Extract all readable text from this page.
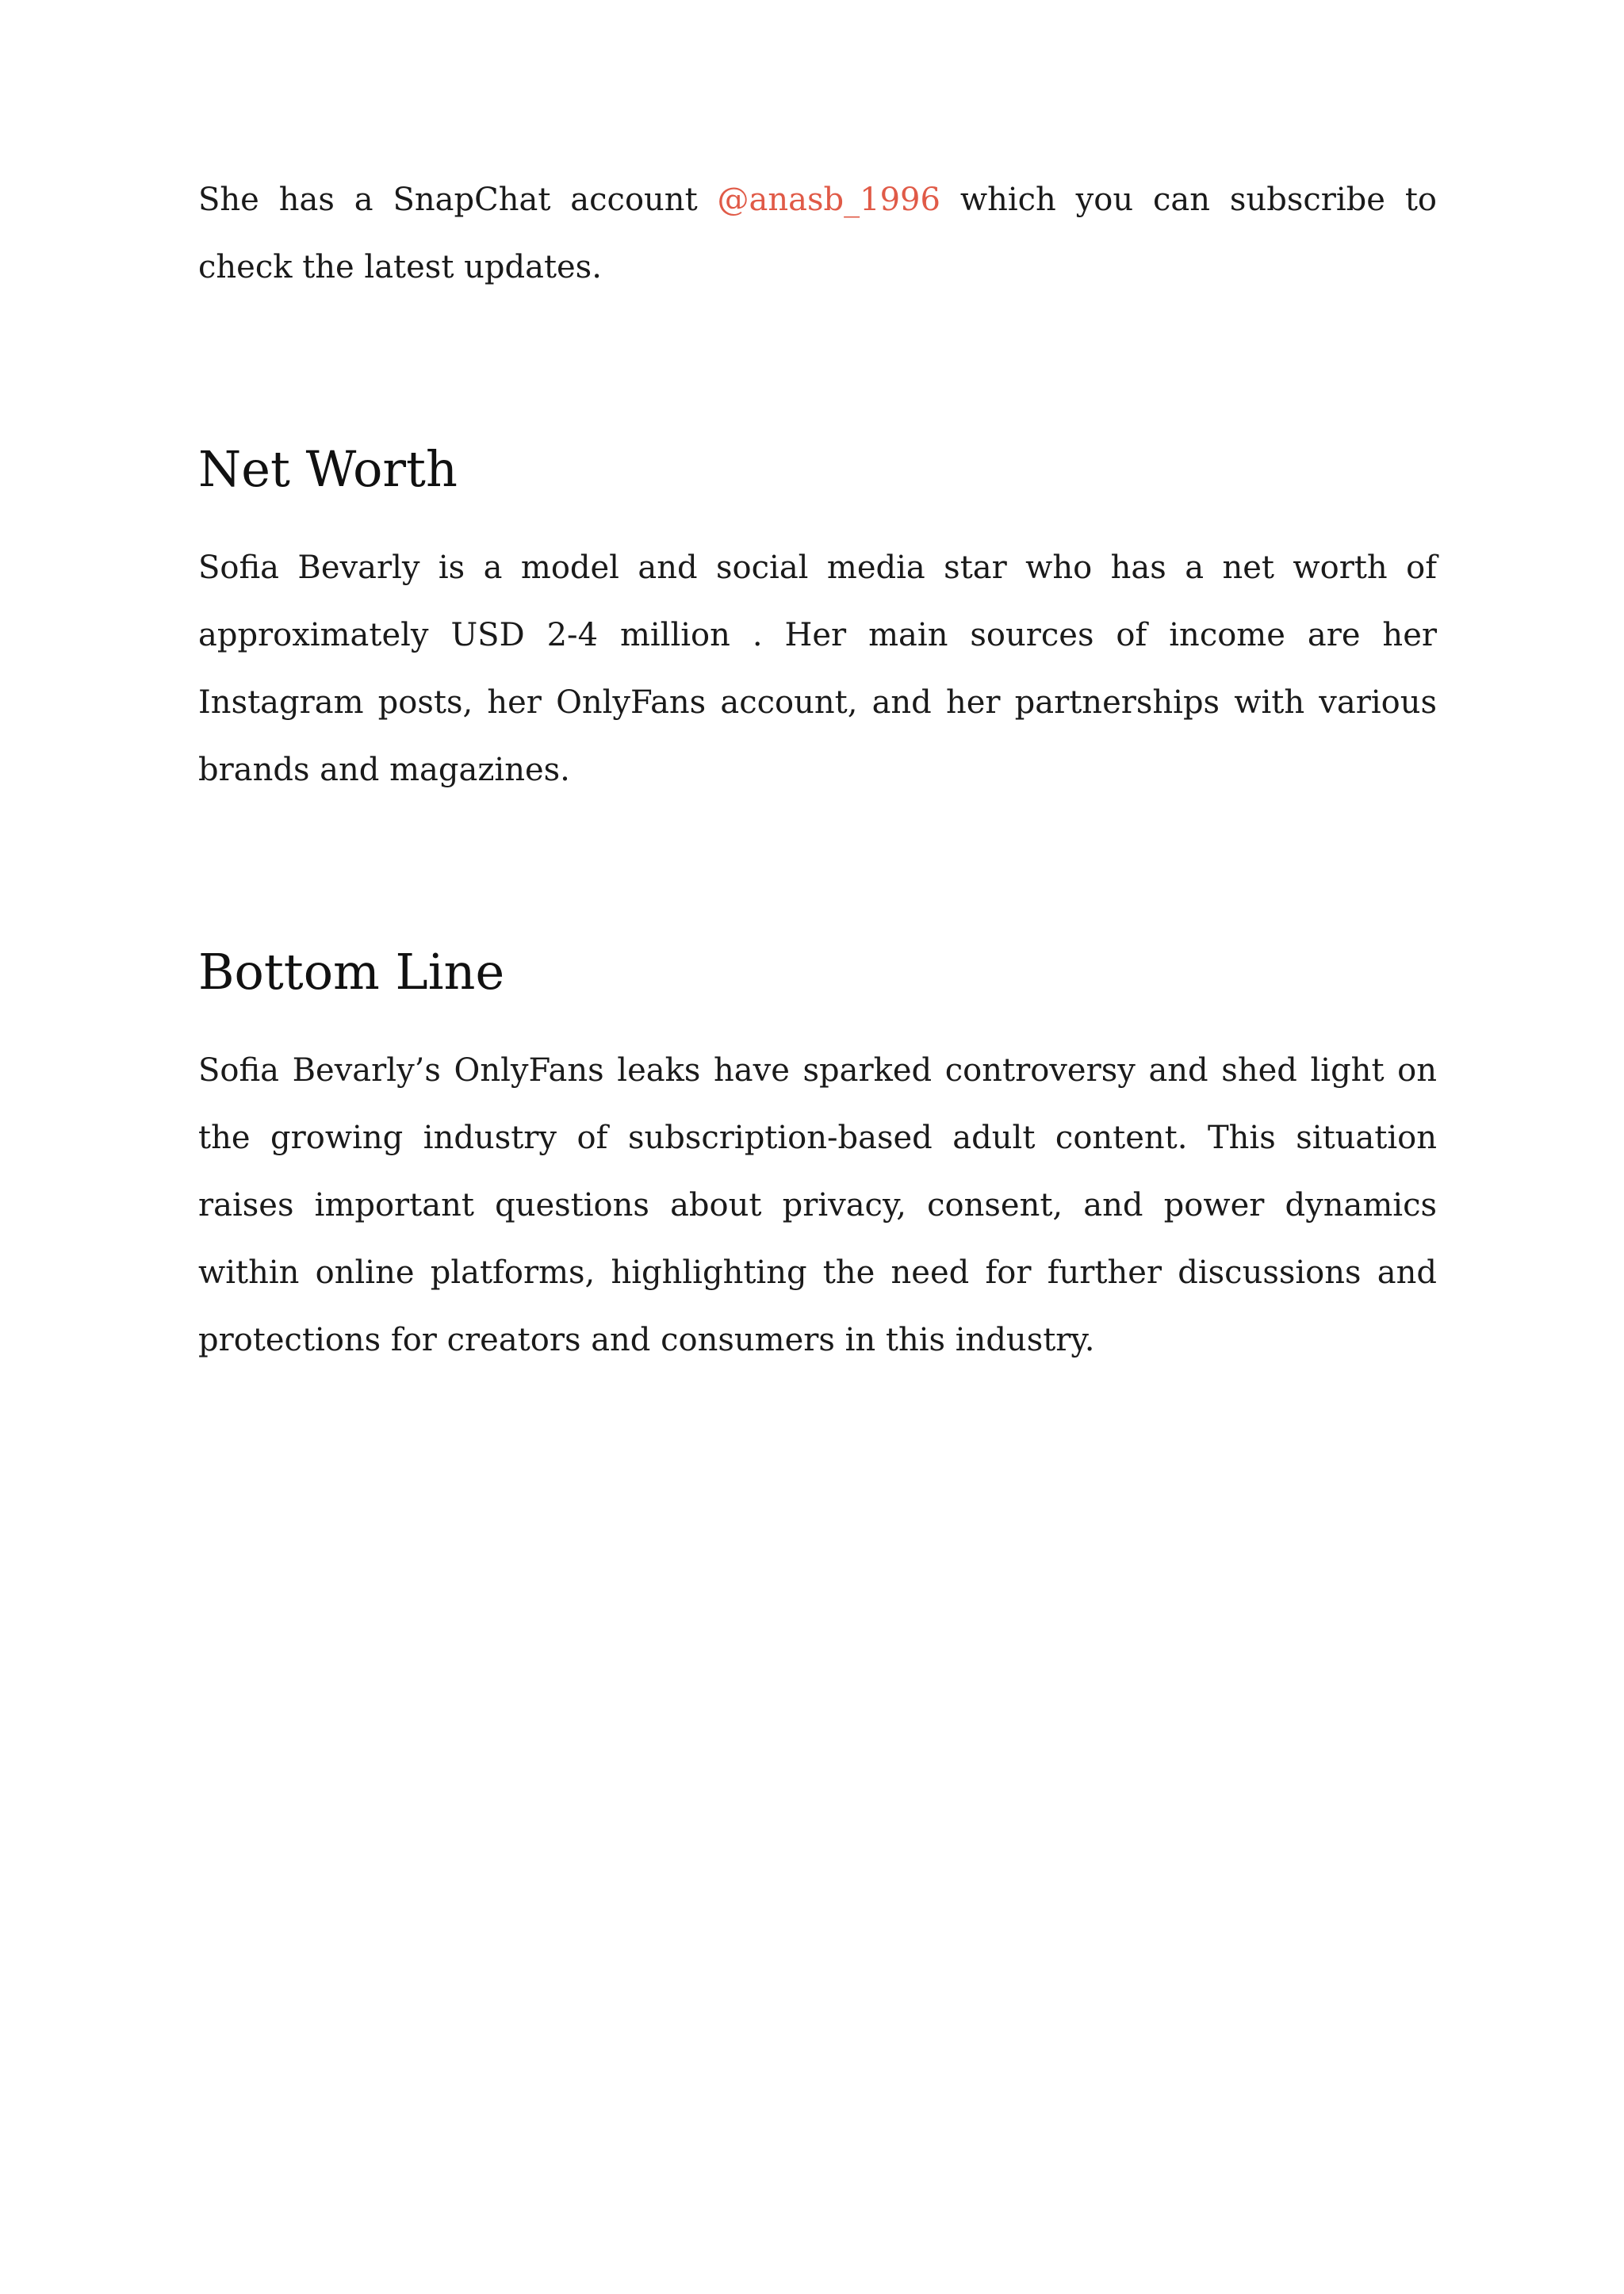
She has a SnapChat account @anasb_1996 which you can subscribe to check the latest updates.

Net Worth

Sofia Bevarly is a model and social media star who has a net worth of approximately USD 2-4 million . Her main sources of income are her Instagram posts, her OnlyFans account, and her partnerships with various brands and magazines.

Bottom Line

Sofia Bevarly’s OnlyFans leaks have sparked controversy and shed light on the growing industry of subscription-based adult content. This situation raises important questions about privacy, consent, and power dynamics within online platforms, highlighting the need for further discussions and protections for creators and consumers in this industry.
